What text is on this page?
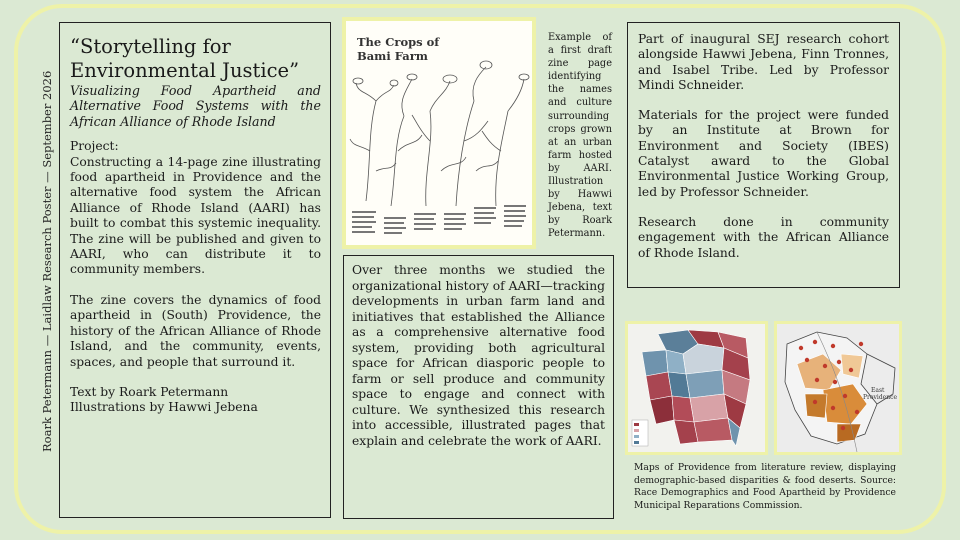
Roark Petermann — Laidlaw Research Poster — September 2026
“Storytelling for Environmental Justice”

Visualizing Food Apartheid and Alternative Food Systems with the African Alliance of Rhode Island

Project:

Constructing a 14-page zine illustrating food apartheid in Providence and the alternative food system the African Alliance of Rhode Island (AARI) has built to combat this systemic inequality. The zine will be published and given to AARI, who can distribute it to community members.

The zine covers the dynamics of food apartheid in (South) Providence, the history of the African Alliance of Rhode Island, and the community, events, spaces, and people that surround it.

Text by Roark Petermann

Illustrations by Hawwi Jebena

The Crops of
Bami Farm
Example of a first draft zine page identifying the names and culture surrounding crops grown at an urban farm hosted by AARI. Illustration by Hawwi Jebena, text by Roark Petermann.

Over three months we studied the organizational history of AARI—tracking developments in urban farm land and initiatives that established the Alliance as a comprehensive alternative food system, providing both agricultural space for African diasporic people to farm or sell produce and community space to engage and connect with culture. We synthesized this research into accessible, illustrated pages that explain and celebrate the work of AARI.

Part of inaugural SEJ research cohort alongside Hawwi Jebena, Finn Tronnes, and Isabel Tribe. Led by Professor Mindi Schneider.

Materials for the project were funded by an Institute at Brown for Environment and Society (IBES) Catalyst award to the Global Environmental Justice Working Group, led by Professor Schneider.

Research done in community engagement with the African Alliance of Rhode Island.

East
Providence
Maps of Providence from literature review, displaying demographic-based disparities & food deserts. Source: Race Demographics and Food Apartheid by Providence Municipal Reparations Commission.
